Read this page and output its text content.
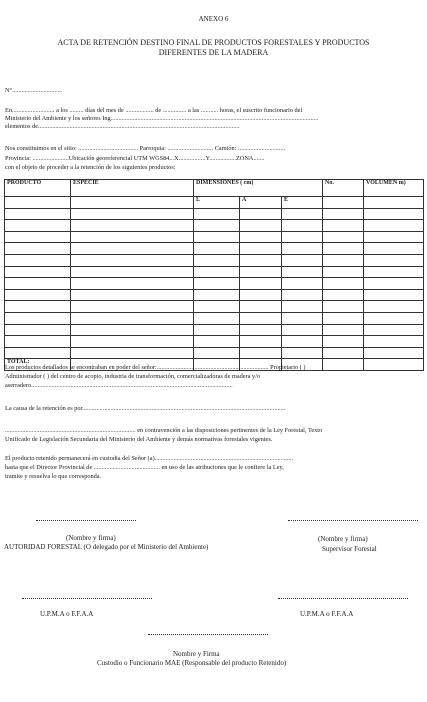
ANEXO 6
ACTA DE RETENCIÓN DESTINO FINAL DE PRODUCTOS FORESTALES Y PRODUCTOS
DIFERENTES DE LA MADERA
N°................................
En........................... a los ......... días del mes de .................. de ............... a las ........... horas, el suscrito funcionario del
Ministerio del Ambiente y los señores Ing....................................................................................................................................
elementos de................................................................................................................................
Nos constituimos en el sitio: ...................................... Parroquia: ............................. Camión: ..............................
Provincia: .......................Ubicación georeferencial UTM WGS84...X.................Y.................ZONA.......
con el objeto de proceder a la retención de los siguientes productos:
PRODUCTO	ESPECIE	DIMENSIONES ( cm)			No.	VOLUMEN m)
		L	A	E		

TOTAL:						
Los productos detallados se encontraban en poder del señor:....................................................................... Propietario ( )
Administrador ( ) del centro de acopio, industria de transformación, comercializadoras de madera y/o
aserradero................................................................................................................................
La causa de la retención es por.................................................................................................................................
................................................................................... en contravención a las disposiciones pertinentes de la Ley Forestal, Texto
Unificado de Legislación Secundaria del Ministerio del Ambiente y demás normativas forestales vigentes.
El producto retenido permanecerá en custodia del Señor (a)........................................................................................
hasta que el Director Provincial de .......................................... en uso de las atribuciones que le confiere la Ley,
tramite y resuelva lo que corresponda.
(Nombre y firma)
AUTORIDAD FORESTAL (O delegado por el Ministerio del Ambiente)
(Nombre y firma)
Supervisor Forestal
U.P.M.A o F.F.A.A	U.P.M.A o F.F.A.A
Nombre y Firma
Custodio o Funcionario MAE (Responsable del producto Retenido)
